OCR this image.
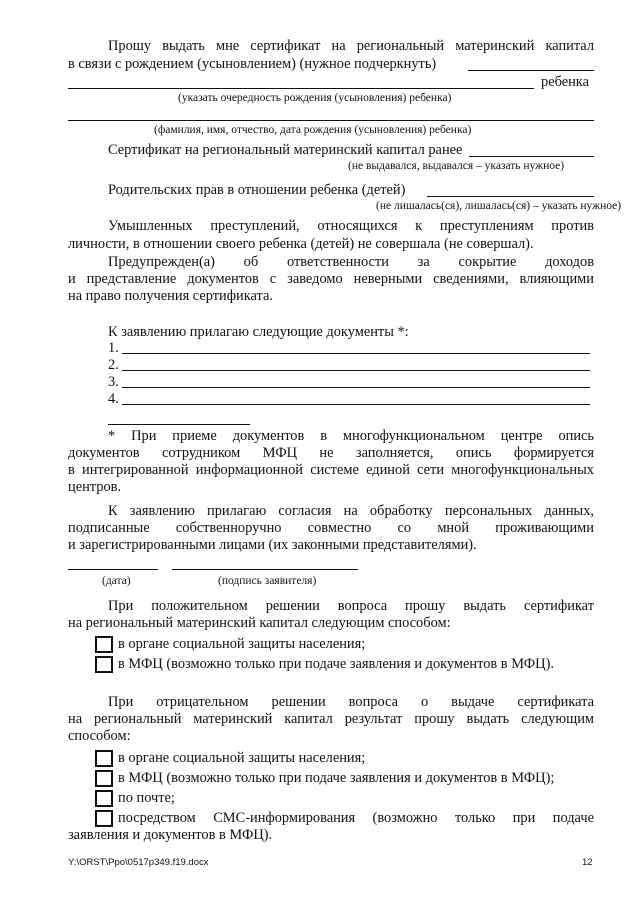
Прошу выдать мне сертификат на региональный материнский капитал
в связи с рождением (усыновлением) (нужное подчеркнуть)
ребенка
(указать очередность рождения (усыновления) ребенка)
(фамилия, имя, отчество, дата рождения (усыновления) ребенка)
Сертификат на региональный материнский капитал ранее
(не выдавался, выдавался – указать нужное)
Родительских прав в отношении ребенка (детей)
(не лишалась(ся), лишалась(ся) – указать нужное)
Умышленных преступлений, относящихся к преступлениям против
личности, в отношении своего ребенка (детей) не совершала (не совершал).
Предупрежден(а) об ответственности за сокрытие доходов
и представление документов с заведомо неверными сведениями, влияющими
на право получения сертификата.
К заявлению прилагаю следующие документы *:
1.
2.
3.
4.
* При приеме документов в многофункциональном центре опись
документов сотрудником МФЦ не заполняется, опись формируется
в интегрированной информационной системе единой сети многофункциональных
центров.
К заявлению прилагаю согласия на обработку персональных данных,
подписанные собственноручно совместно со мной проживающими
и зарегистрированными лицами (их законными представителями).
(дата)	(подпись заявителя)
При положительном решении вопроса прошу выдать сертификат
на региональный материнский капитал следующим способом:
в органе социальной защиты населения;
в МФЦ (возможно только при подаче заявления и документов в МФЦ).
При отрицательном решении вопроса о выдаче сертификата
на региональный материнский капитал результат прошу выдать следующим
способом:
в органе социальной защиты населения;
в МФЦ (возможно только при подаче заявления и документов в МФЦ);
по почте;
посредством СМС-информирования (возможно только при подаче
заявления и документов в МФЦ).
Y:\ORST\Ppo\0517p349.f19.docx	12
